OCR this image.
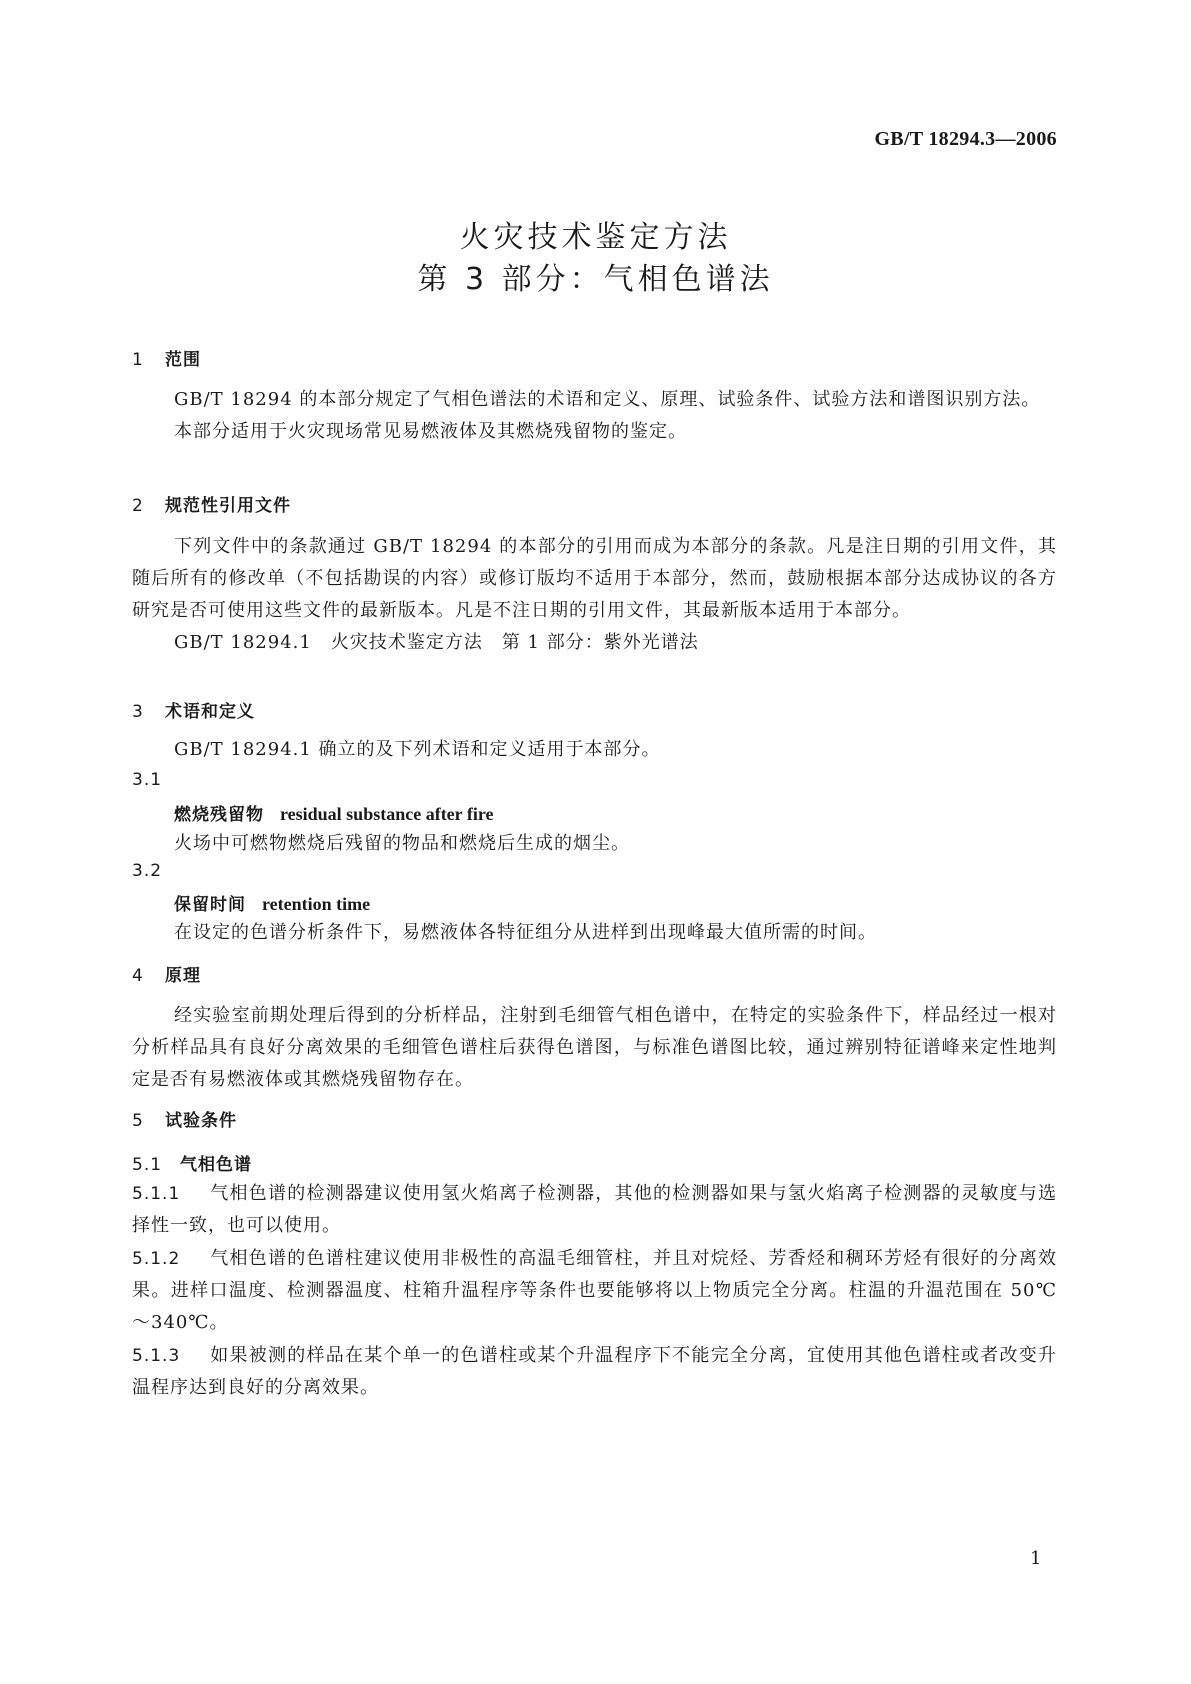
GB/T 18294.3—2006
火灾技术鉴定方法
第 3 部分：气相色谱法
1 范围

GB/T 18294 的本部分规定了气相色谱法的术语和定义、原理、试验条件、试验方法和谱图识别方法。

本部分适用于火灾现场常见易燃液体及其燃烧残留物的鉴定。

2 规范性引用文件

下列文件中的条款通过 GB/T 18294 的本部分的引用而成为本部分的条款。凡是注日期的引用文件，其随后所有的修改单（不包括勘误的内容）或修订版均不适用于本部分，然而，鼓励根据本部分达成协议的各方研究是否可使用这些文件的最新版本。凡是不注日期的引用文件，其最新版本适用于本部分。

GB/T 18294.1　火灾技术鉴定方法　第 1 部分：紫外光谱法

3 术语和定义

GB/T 18294.1 确立的及下列术语和定义适用于本部分。

3.1
燃烧残留物 residual substance after fire
火场中可燃物燃烧后残留的物品和燃烧后生成的烟尘。
3.2
保留时间 retention time
在设定的色谱分析条件下，易燃液体各特征组分从进样到出现峰最大值所需的时间。
4 原理

经实验室前期处理后得到的分析样品，注射到毛细管气相色谱中，在特定的实验条件下，样品经过一根对分析样品具有良好分离效果的毛细管色谱柱后获得色谱图，与标准色谱图比较，通过辨别特征谱峰来定性地判定是否有易燃液体或其燃烧残留物存在。

5 试验条件
5.1 气相色谱
5.1.1 气相色谱的检测器建议使用氢火焰离子检测器，其他的检测器如果与氢火焰离子检测器的灵敏度与选择性一致，也可以使用。
5.1.2 气相色谱的色谱柱建议使用非极性的高温毛细管柱，并且对烷烃、芳香烃和稠环芳烃有很好的分离效果。进样口温度、检测器温度、柱箱升温程序等条件也要能够将以上物质完全分离。柱温的升温范围在 50℃～340℃。
5.1.3 如果被测的样品在某个单一的色谱柱或某个升温程序下不能完全分离，宜使用其他色谱柱或者改变升温程序达到良好的分离效果。
1
